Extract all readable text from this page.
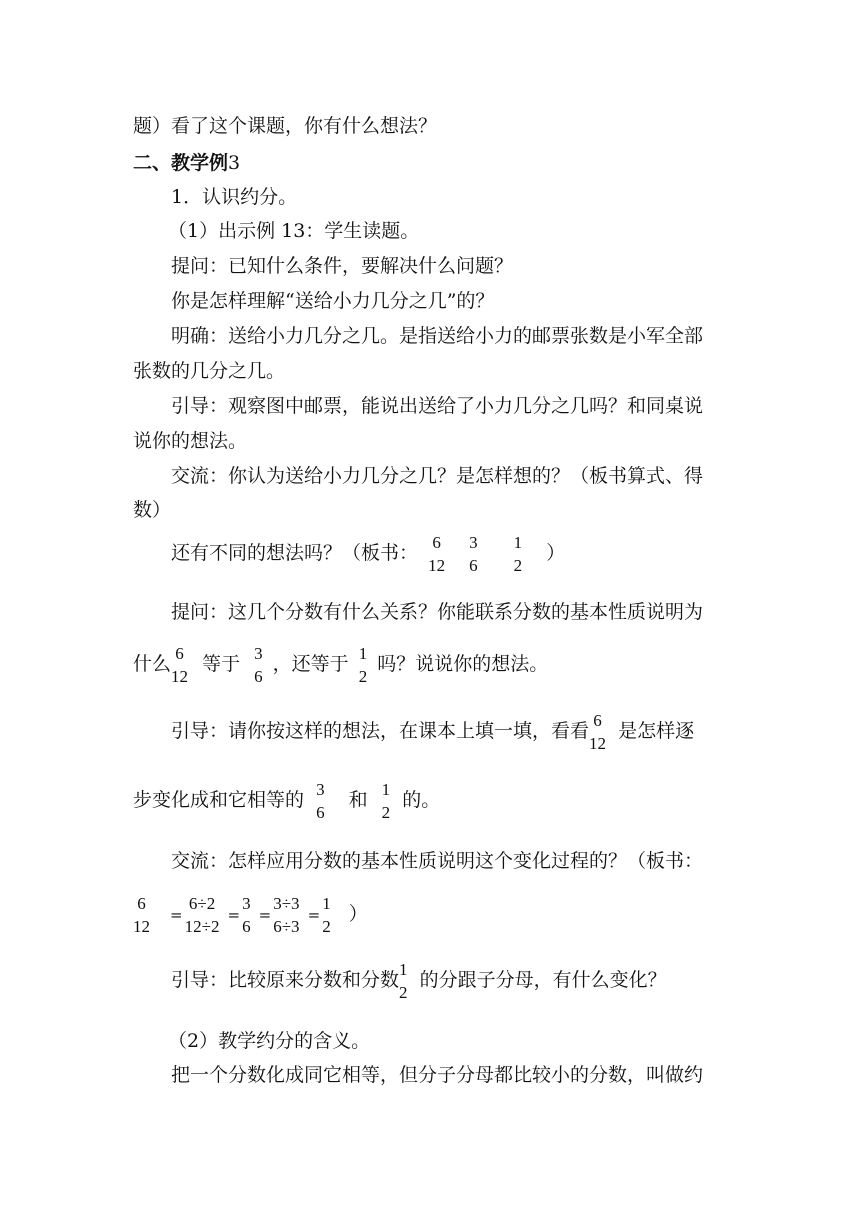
题）看了这个课题，你有什么想法？
二、教学例3
1．认识约分。
（1）出示例 13：学生读题。
提问：已知什么条件，要解决什么问题？
你是怎样理解“送给小力几分之几”的？
明确：送给小力几分之几。是指送给小力的邮票张数是小军全部
张数的几分之几。
引导：观察图中邮票，能说出送给了小力几分之几吗？和同桌说
说你的想法。
交流：你认为送给小力几分之几？是怎样想的？（板书算式、得
数）
还有不同的想法吗？（板书： 6
12

3
6

1
2
）
提问：这几个分数有什么关系？你能联系分数的基本性质说明为
什么 6
12
等于 3
6
，还等于 1
2
吗？说说你的想法。
引导：请你按这样的想法，在课本上填一填，看看 6
12
是怎样逐
步变化成和它相等的 3
6
和 1
2
的。
交流：怎样应用分数的基本性质说明这个变化过程的？（板书：
6
12
=
6÷2
12÷2
=
3
6
=
3÷3
6÷3
=
1
2
）
引导：比较原来分数和分数 1
2
的分跟子分母，有什么变化？
（2）教学约分的含义。
把一个分数化成同它相等，但分子分母都比较小的分数，叫做约
